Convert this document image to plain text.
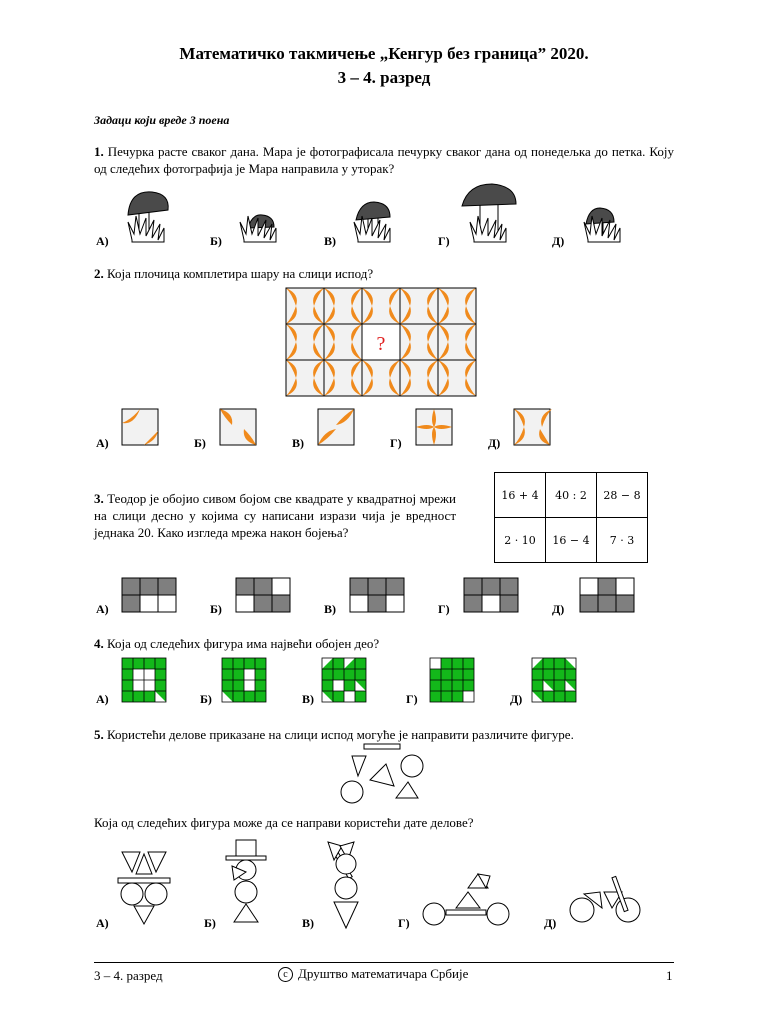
Математичко такмичење „Кенгур без граница” 2020.
3 – 4. разред
Задаци који вреде 3 поена
1. Печурка расте сваког дана. Мара је фотографисала печурку сваког дана од понедељка до петка. Коју од следећих фотографија је Мара направила у уторак?
А)	Б)	В)	Г)	Д)
2. Која плочица комплетира шару на слици испод?
?
А)	Б)	В)	Г)	Д)
3. Теодор је обојио сивом бојом све квадрате у квадратној мрежи на слици десно у којима су написани изрази чија је вредност једнака 20. Како изгледа мрежа након бојења?
16 + 4	40 : 2	28 − 8
2 · 10	16 − 4	7 · 3
А)	Б)	В)	Г)	Д)
4. Која од следећих фигура има највећи обојен део?
А)	Б)	В)	Г)	Д)
5. Користећи делове приказане на слици испод могуће је направити различите фигуре.
Која од следећих фигура може да се направи користећи дате делове?
А)	Б)	В)	Г)	Д)
3 – 4. разред	c Друштво математичара Србије	1
